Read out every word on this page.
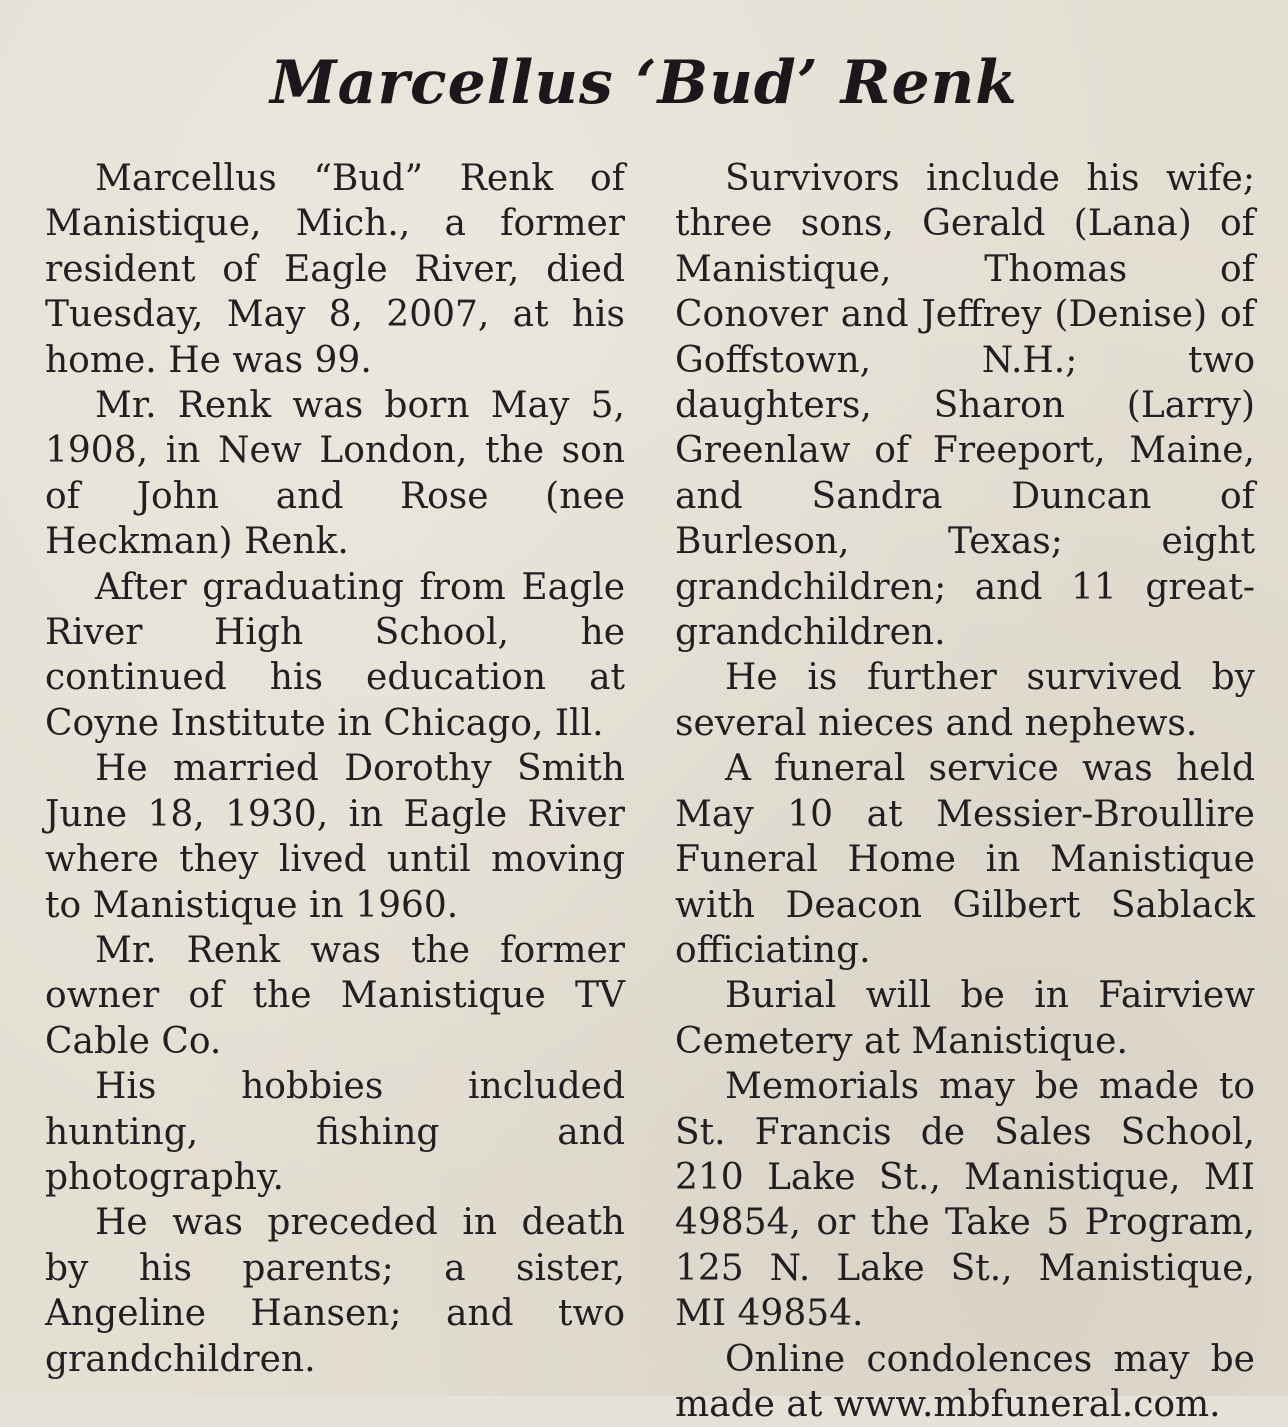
Marcellus ‘Bud’ Renk

Marcellus “Bud” Renk of Manistique, Mich., a former resident of Eagle River, died Tuesday, May 8, 2007, at his home. He was 99.

Mr. Renk was born May 5, 1908, in New London, the son of John and Rose (nee Heckman) Renk.

After graduating from Eagle River High School, he continued his education at Coyne Institute in Chicago, Ill.

He married Dorothy Smith June 18, 1930, in Eagle River where they lived until moving to Manistique in 1960.

Mr. Renk was the former owner of the Manistique TV Cable Co.

His hobbies included hunting, fishing and photography.

He was preceded in death by his parents; a sister, Angeline Hansen; and two grandchildren.

Survivors include his wife; three sons, Gerald (Lana) of Manistique, Thomas of Conover and Jeffrey (Denise) of Goffstown, N.H.; two daughters, Sharon (Larry) Greenlaw of Freeport, Maine, and Sandra Duncan of Burleson, Texas; eight grandchildren; and 11 great-grandchildren.

He is further survived by several nieces and nephews.

A funeral service was held May 10 at Messier-Broullire Funeral Home in Manistique with Deacon Gilbert Sablack officiating.

Burial will be in Fairview Cemetery at Manistique.

Memorials may be made to St. Francis de Sales School, 210 Lake St., Manistique, MI 49854, or the Take 5 Program, 125 N. Lake St., Manistique, MI 49854.

Online condolences may be made at www.mbfuneral.com.
